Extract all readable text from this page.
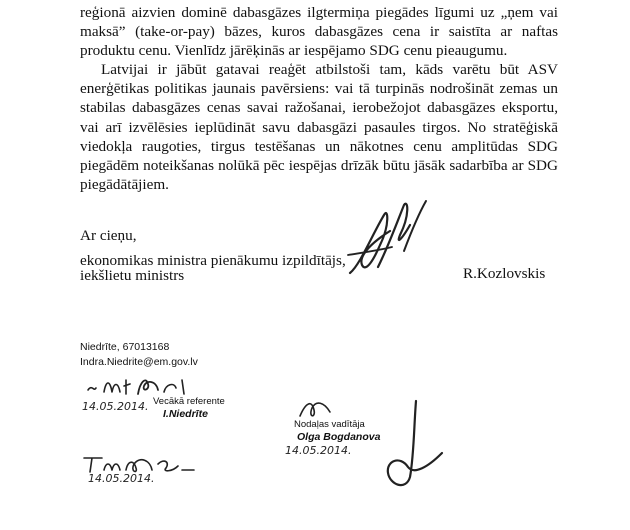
reģionā aizvien dominē dabasgāzes ilgtermiņa piegādes līgumi uz „ņem vai maksā” (take-or-pay) bāzes, kuros dabasgāzes cena ir saistīta ar naftas produktu cenu. Vienlīdz jārēķinās ar iespējamo SDG cenu pieaugumu.

Latvijai ir jābūt gatavai reaģēt atbilstoši tam, kāds varētu būt ASV enerģētikas politikas jaunais pavērsiens: vai tā turpinās nodrošināt zemas un stabilas dabasgāzes cenas savai ražošanai, ierobežojot dabasgāzes eksportu, vai arī izvēlēsies ieplūdināt savu dabasgāzi pasaules tirgos. No stratēģiskā viedokļa raugoties, tirgus testēšanas un nākotnes cenu amplitūdas SDG piegādēm noteikšanas nolūkā pēc iespējas drīzāk būtu jāsāk sadarbība ar SDG piegādātājiem.

Ar cieņu,
ekonomikas ministra pienākumu izpildītājs,
iekšlietu ministrs	R.Kozlovskis
Niedrīte, 67013168
Indra.Niedrite@em.gov.lv
14.05.2014. Vecākā referente
I.Niedrīte
Nodaļas vadītāja
Olga Bogdanova
14.05.2014.
14.05.2014.
